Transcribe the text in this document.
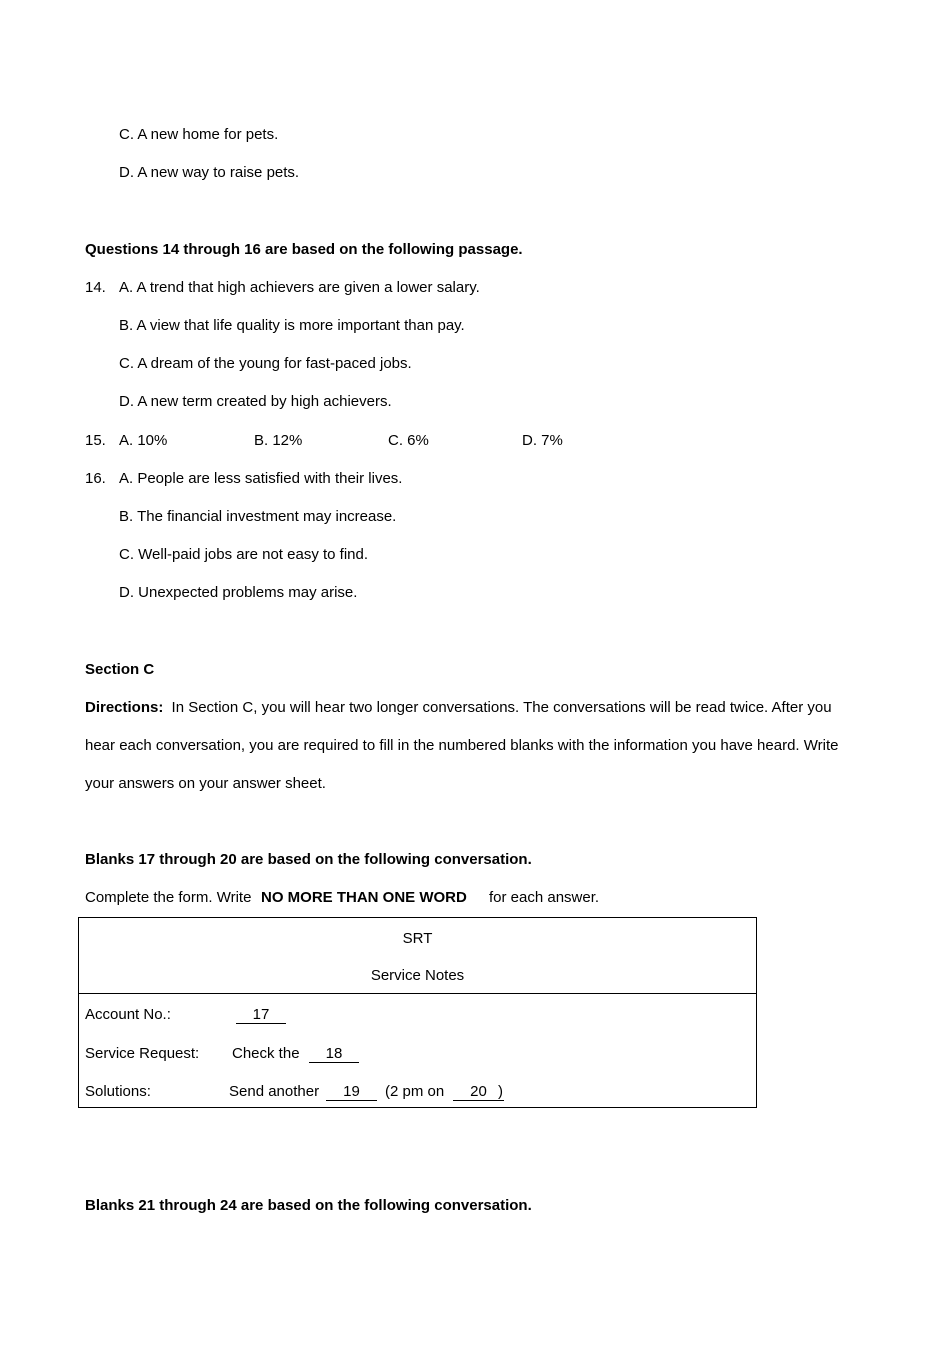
C. A new home for pets.
D. A new way to raise pets.
Questions 14 through 16 are based on the following passage.
14. A. A trend that high achievers are given a lower salary.
B. A view that life quality is more important than pay.
C. A dream of the young for fast-paced jobs.
D. A new term created by high achievers.
15. A. 10%	B. 12%	C. 6%	D. 7%
16. A. People are less satisfied with their lives.
B. The financial investment may increase.
C. Well-paid jobs are not easy to find.
D. Unexpected problems may arise.
Section C
Directions: In Section C, you will hear two longer conversations. The conversations will be read twice. After you
hear each conversation, you are required to fill in the numbered blanks with the information you have heard. Write
your answers on your answer sheet.
Blanks 17 through 20 are based on the following conversation.
Complete the form. Write NO MORE THAN ONE WORD for each answer.
SRT
Service Notes
Account No.:	17
Service Request: Check the	18
Solutions:	Send another	19	(2 pm on	20 )
Blanks 21 through 24 are based on the following conversation.
